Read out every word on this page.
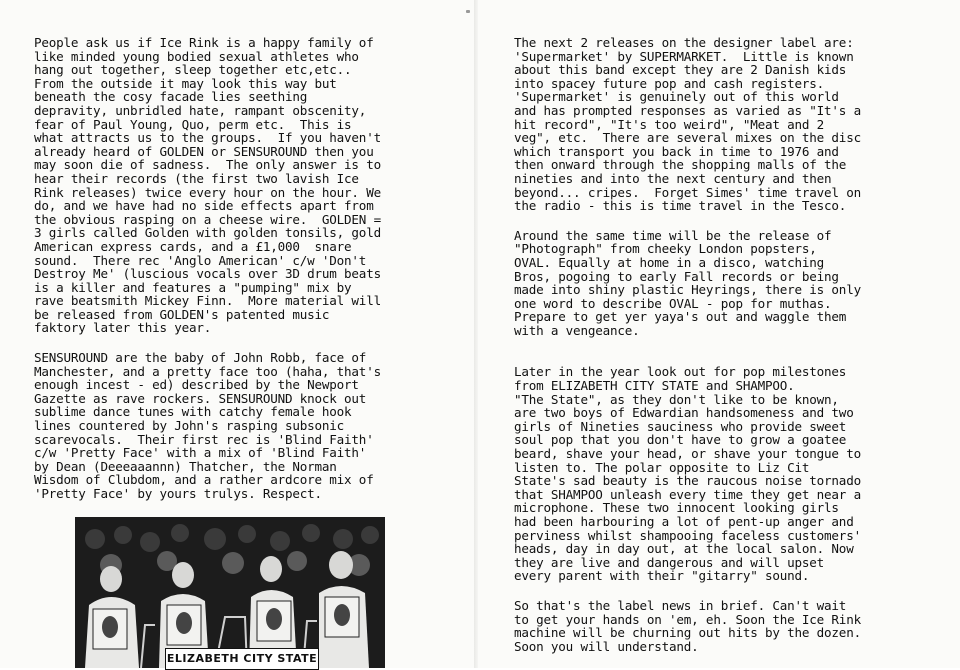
People ask us if Ice Rink is a happy family of
like minded young bodied sexual athletes who
hang out together, sleep together etc,etc..
From the outside it may look this way but
beneath the cosy facade lies seething
depravity, unbridled hate, rampant obscenity,
fear of Paul Young, Quo, perm etc.  This is
what attracts us to the groups.  If you haven't
already heard of GOLDEN or SENSUROUND then you
may soon die of sadness.  The only answer is to
hear their records (the first two lavish Ice
Rink releases) twice every hour on the hour. We
do, and we have had no side effects apart from
the obvious rasping on a cheese wire.  GOLDEN =
3 girls called Golden with golden tonsils, gold
American express cards, and a £1,000  snare
sound.  There rec 'Anglo American' c/w 'Don't
Destroy Me' (luscious vocals over 3D drum beats
is a killer and features a "pumping" mix by
rave beatsmith Mickey Finn.  More material will
be released from GOLDEN's patented music
faktory later this year.

SENSUROUND are the baby of John Robb, face of
Manchester, and a pretty face too (haha, that's
enough incest - ed) described by the Newport
Gazette as rave rockers. SENSUROUND knock out
sublime dance tunes with catchy female hook
lines countered by John's rasping subsonic
scarevocals.  Their first rec is 'Blind Faith'
c/w 'Pretty Face' with a mix of 'Blind Faith'
by Dean (Deeeaaannn) Thatcher, the Norman
Wisdom of Clubdom, and a rather ardcore mix of
'Pretty Face' by yours trulys. Respect.

ELIZABETH CITY STATE

The next 2 releases on the designer label are:
'Supermarket' by SUPERMARKET.  Little is known
about this band except they are 2 Danish kids
into spacey future pop and cash registers.
'Supermarket' is genuinely out of this world
and has prompted responses as varied as "It's a
hit record", "It's too weird", "Meat and 2
veg", etc.  There are several mixes on the disc
which transport you back in time to 1976 and
then onward through the shopping malls of the
nineties and into the next century and then
beyond... cripes.  Forget Simes' time travel on
the radio - this is time travel in the Tesco.

Around the same time will be the release of
"Photograph" from cheeky London popsters,
OVAL. Equally at home in a disco, watching
Bros, pogoing to early Fall records or being
made into shiny plastic Heyrings, there is only
one word to describe OVAL - pop for muthas.
Prepare to get yer yaya's out and waggle them
with a vengeance.

Later in the year look out for pop milestones
from ELIZABETH CITY STATE and SHAMPOO.
"The State", as they don't like to be known,
are two boys of Edwardian handsomeness and two
girls of Nineties sauciness who provide sweet
soul pop that you don't have to grow a goatee
beard, shave your head, or shave your tongue to
listen to. The polar opposite to Liz Cit
State's sad beauty is the raucous noise tornado
that SHAMPOO unleash every time they get near a
microphone. These two innocent looking girls
had been harbouring a lot of pent-up anger and
perviness whilst shampooing faceless customers'
heads, day in day out, at the local salon. Now
they are live and dangerous and will upset
every parent with their "gitarry" sound.

So that's the label news in brief. Can't wait
to get your hands on 'em, eh. Soon the Ice Rink
machine will be churning out hits by the dozen.
Soon you will understand.
